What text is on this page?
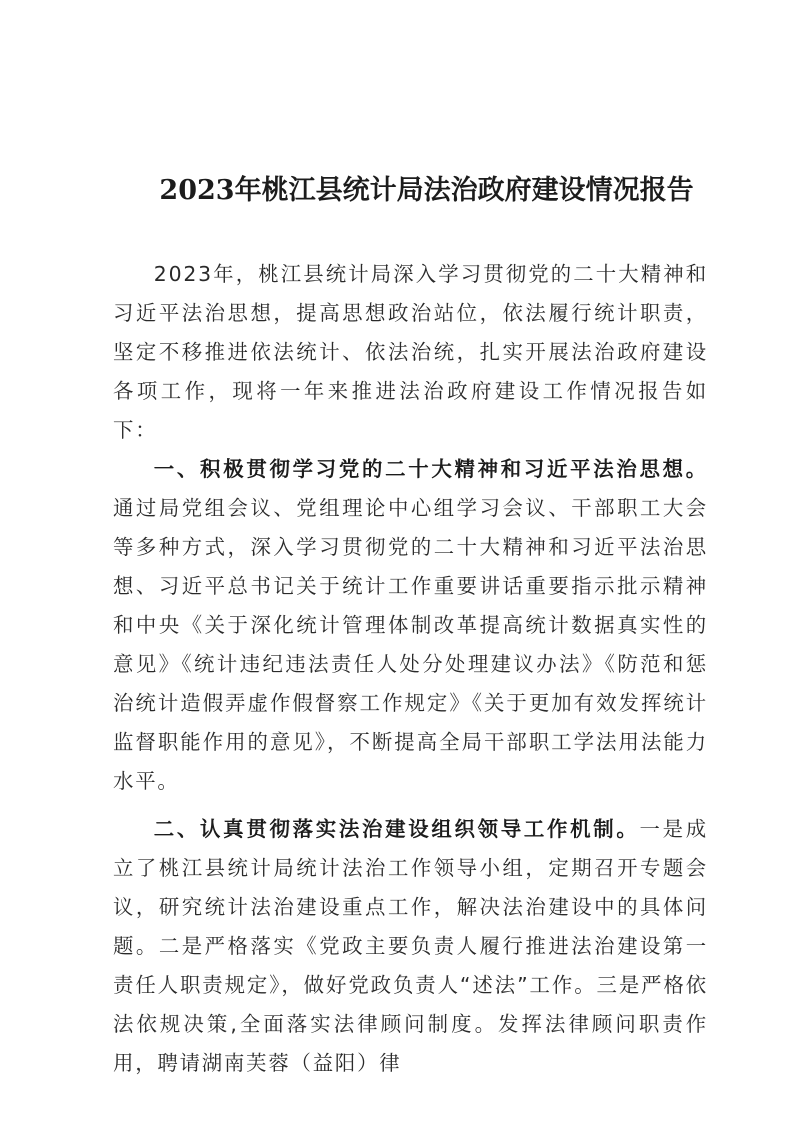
2023年桃江县统计局法治政府建设情况报告

2023年，桃江县统计局深入学习贯彻党的二十大精神和习近平法治思想，提高思想政治站位，依法履行统计职责，坚定不移推进依法统计、依法治统，扎实开展法治政府建设各项工作，现将一年来推进法治政府建设工作情况报告如下：

一、积极贯彻学习党的二十大精神和习近平法治思想。通过局党组会议、党组理论中心组学习会议、干部职工大会等多种方式，深入学习贯彻党的二十大精神和习近平法治思想、习近平总书记关于统计工作重要讲话重要指示批示精神和中央《关于深化统计管理体制改革提高统计数据真实性的意见》《统计违纪违法责任人处分处理建议办法》《防范和惩治统计造假弄虚作假督察工作规定》《关于更加有效发挥统计监督职能作用的意见》，不断提高全局干部职工学法用法能力水平。

二、认真贯彻落实法治建设组织领导工作机制。一是成立了桃江县统计局统计法治工作领导小组，定期召开专题会议，研究统计法治建设重点工作，解决法治建设中的具体问题。二是严格落实《党政主要负责人履行推进法治建设第一责任人职责规定》，做好党政负责人“述法”工作。三是严格依法依规决策,全面落实法律顾问制度。发挥法律顾问职责作用，聘请湖南芙蓉（益阳）律
